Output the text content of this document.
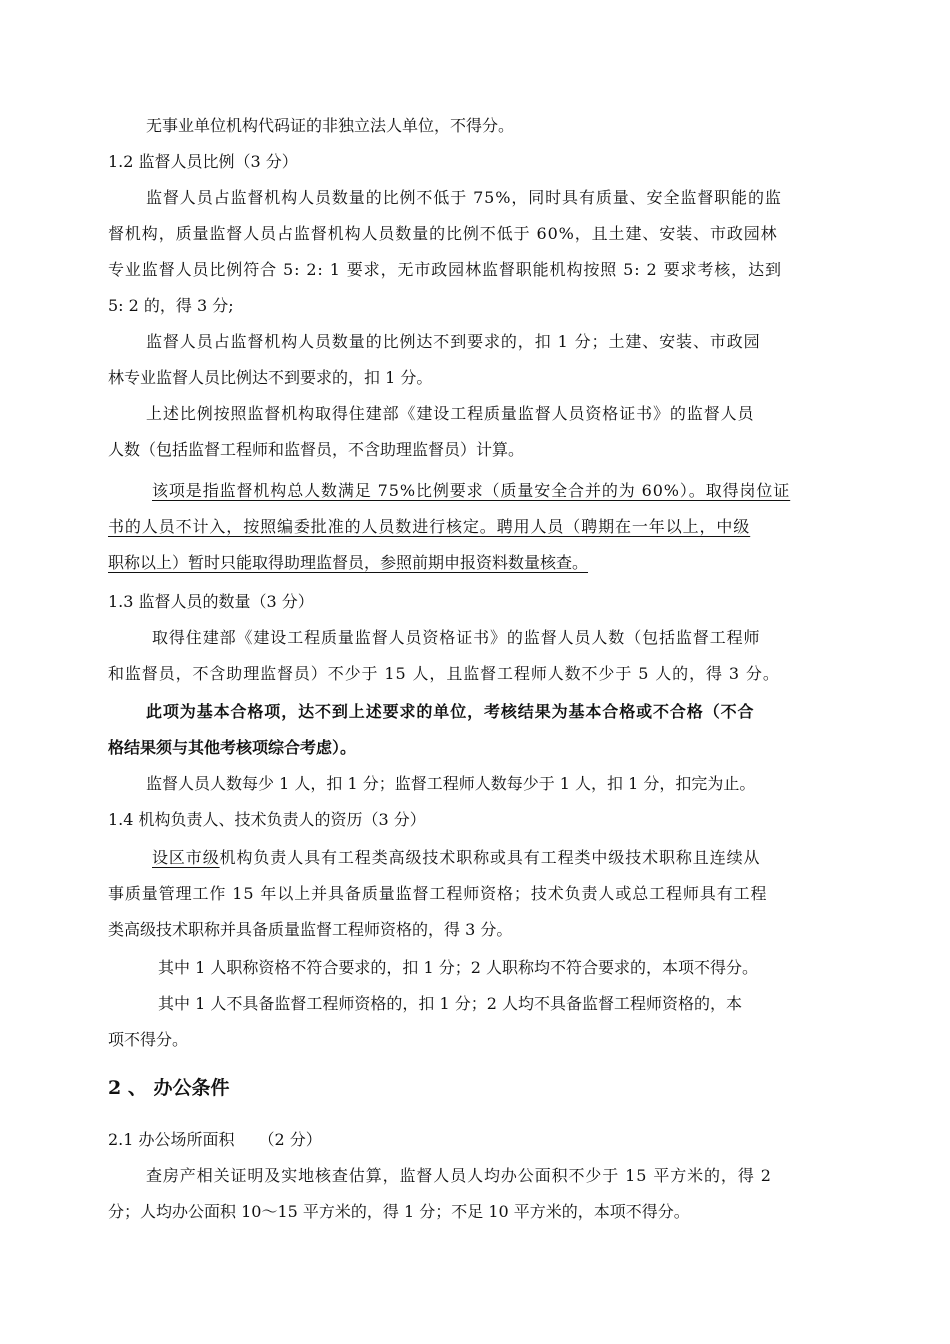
无事业单位机构代码证的非独立法人单位，不得分。
1.2 监督人员比例（3 分）
监督人员占监督机构人员数量的比例不低于 75%，同时具有质量、安全监督职能的监
督机构，质量监督人员占监督机构人员数量的比例不低于 60%，且土建、安装、市政园林
专业监督人员比例符合 5: 2: 1 要求，无市政园林监督职能机构按照 5: 2 要求考核，达到
5: 2 的，得 3 分;
监督人员占监督机构人员数量的比例达不到要求的，扣 1 分；土建、安装、市政园
林专业监督人员比例达不到要求的，扣 1 分。
上述比例按照监督机构取得住建部《建设工程质量监督人员资格证书》的监督人员
人数（包括监督工程师和监督员，不含助理监督员）计算。
该项是指监督机构总人数满足 75%比例要求（质量安全合并的为 60%）。取得岗位证
书的人员不计入，按照编委批准的人员数进行核定。聘用人员（聘期在一年以上，中级
职称以上）暂时只能取得助理监督员，参照前期申报资料数量核查。
1.3 监督人员的数量（3 分）
取得住建部《建设工程质量监督人员资格证书》的监督人员人数（包括监督工程师
和监督员，不含助理监督员）不少于 15 人，且监督工程师人数不少于 5 人的，得 3 分。
此项为基本合格项，达不到上述要求的单位，考核结果为基本合格或不合格（不合
格结果须与其他考核项综合考虑）。
监督人员人数每少 1 人，扣 1 分；监督工程师人数每少于 1 人，扣 1 分，扣完为止。
1.4 机构负责人、技术负责人的资历（3 分）
设区市级机构负责人具有工程类高级技术职称或具有工程类中级技术职称且连续从
事质量管理工作 15 年以上并具备质量监督工程师资格；技术负责人或总工程师具有工程
类高级技术职称并具备质量监督工程师资格的，得 3 分。
其中 1 人职称资格不符合要求的，扣 1 分；2 人职称均不符合要求的，本项不得分。
其中 1 人不具备监督工程师资格的，扣 1 分；2 人均不具备监督工程师资格的，本
项不得分。
2 、 办公条件
2.1 办公场所面积　　（2 分）
查房产相关证明及实地核查估算，监督人员人均办公面积不少于 15 平方米的，得 2
分；人均办公面积 10～15 平方米的，得 1 分；不足 10 平方米的，本项不得分。
